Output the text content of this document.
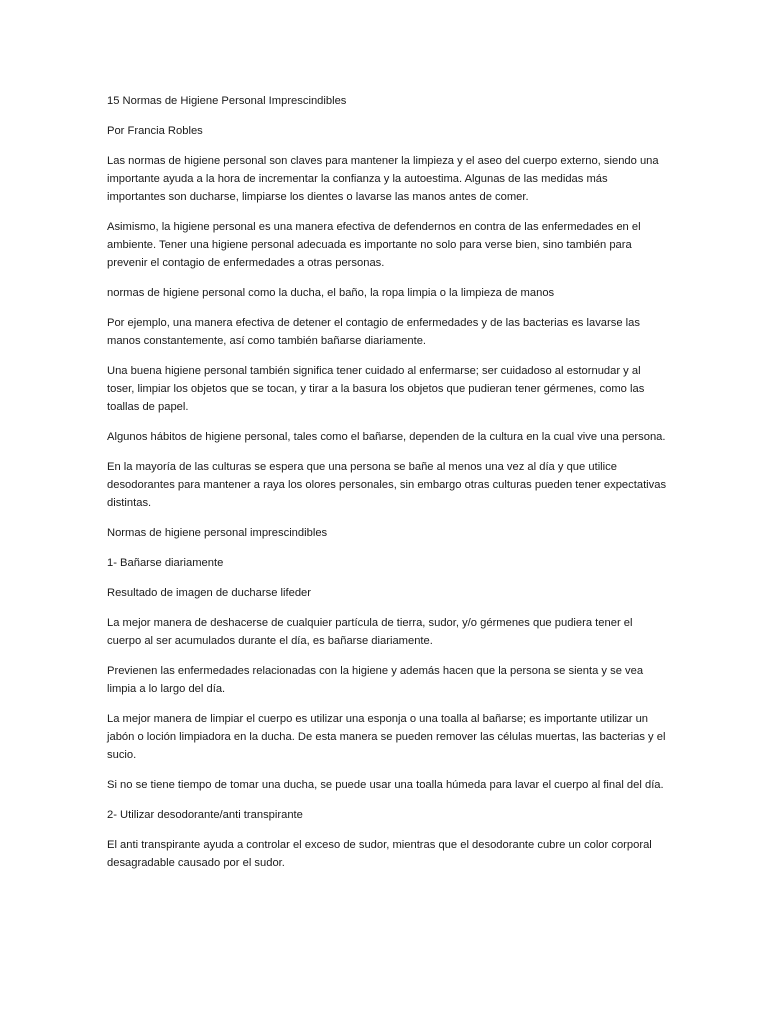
15 Normas de Higiene Personal Imprescindibles

Por Francia Robles

Las normas de higiene personal son claves para mantener la limpieza y el aseo del cuerpo externo, siendo una importante ayuda a la hora de incrementar la confianza y la autoestima. Algunas de las medidas más importantes son ducharse, limpiarse los dientes o lavarse las manos antes de comer.

Asimismo, la higiene personal es una manera efectiva de defendernos en contra de las enfermedades en el ambiente. Tener una higiene personal adecuada es importante no solo para verse bien, sino también para prevenir el contagio de enfermedades a otras personas.

normas de higiene personal como la ducha, el baño, la ropa limpia o la limpieza de manos

Por ejemplo, una manera efectiva de detener el contagio de enfermedades y de las bacterias es lavarse las manos constantemente, así como también bañarse diariamente.

Una buena higiene personal también significa tener cuidado al enfermarse; ser cuidadoso al estornudar y al toser, limpiar los objetos que se tocan, y tirar a la basura los objetos que pudieran tener gérmenes, como las toallas de papel.

Algunos hábitos de higiene personal, tales como el bañarse, dependen de la cultura en la cual vive una persona.

En la mayoría de las culturas se espera que una persona se bañe al menos una vez al día y que utilice desodorantes para mantener a raya los olores personales, sin embargo otras culturas pueden tener expectativas distintas.

Normas de higiene personal imprescindibles

1- Bañarse diariamente

Resultado de imagen de ducharse lifeder

La mejor manera de deshacerse de cualquier partícula de tierra, sudor, y/o gérmenes que pudiera tener el cuerpo al ser acumulados durante el día, es bañarse diariamente.

Previenen las enfermedades relacionadas con la higiene y además hacen que la persona se sienta y se vea limpia a lo largo del día.

La mejor manera de limpiar el cuerpo es utilizar una esponja o una toalla al bañarse; es importante utilizar un jabón o loción limpiadora en la ducha. De esta manera se pueden remover las células muertas, las bacterias y el sucio.

Si no se tiene tiempo de tomar una ducha, se puede usar una toalla húmeda para lavar el cuerpo al final del día.

2- Utilizar desodorante/anti transpirante

El anti transpirante ayuda a controlar el exceso de sudor, mientras que el desodorante cubre un color corporal desagradable causado por el sudor.
